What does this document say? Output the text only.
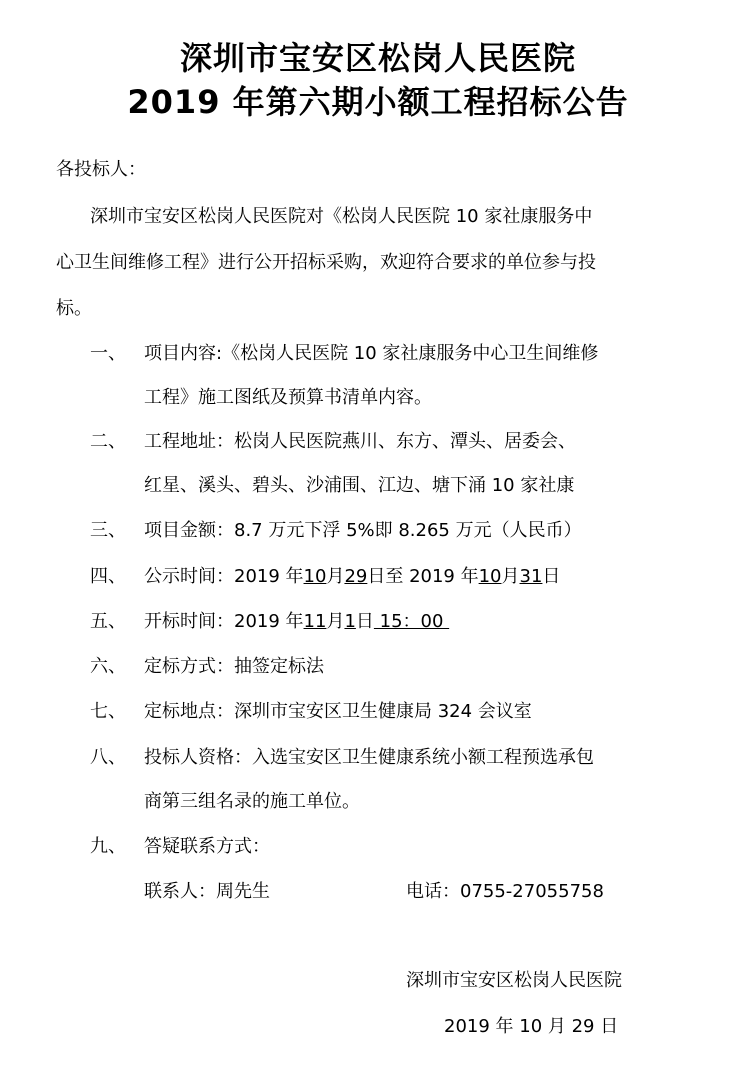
深圳市宝安区松岗人民医院
2019 年第六期小额工程招标公告
各投标人：
深圳市宝安区松岗人民医院对《松岗人民医院 10 家社康服务中
心卫生间维修工程》进行公开招标采购，欢迎符合要求的单位参与投
标。
一、 项目内容:《松岗人民医院 10 家社康服务中心卫生间维修
工程》施工图纸及预算书清单内容。
二、 工程地址：松岗人民医院燕川、东方、潭头、居委会、
红星、溪头、碧头、沙浦围、江边、塘下涌 10 家社康
三、 项目金额：8.7 万元下浮 5%即 8.265 万元（人民币）
四、 公示时间：2019 年10月29日至 2019 年10月31日
五、 开标时间：2019 年11月1日 15：00
六、 定标方式：抽签定标法
七、 定标地点：深圳市宝安区卫生健康局 324 会议室
八、 投标人资格：入选宝安区卫生健康系统小额工程预选承包
商第三组名录的施工单位。
九、 答疑联系方式：
联系人：周先生	电话：0755-27055758
深圳市宝安区松岗人民医院
2019 年 10 月 29 日
